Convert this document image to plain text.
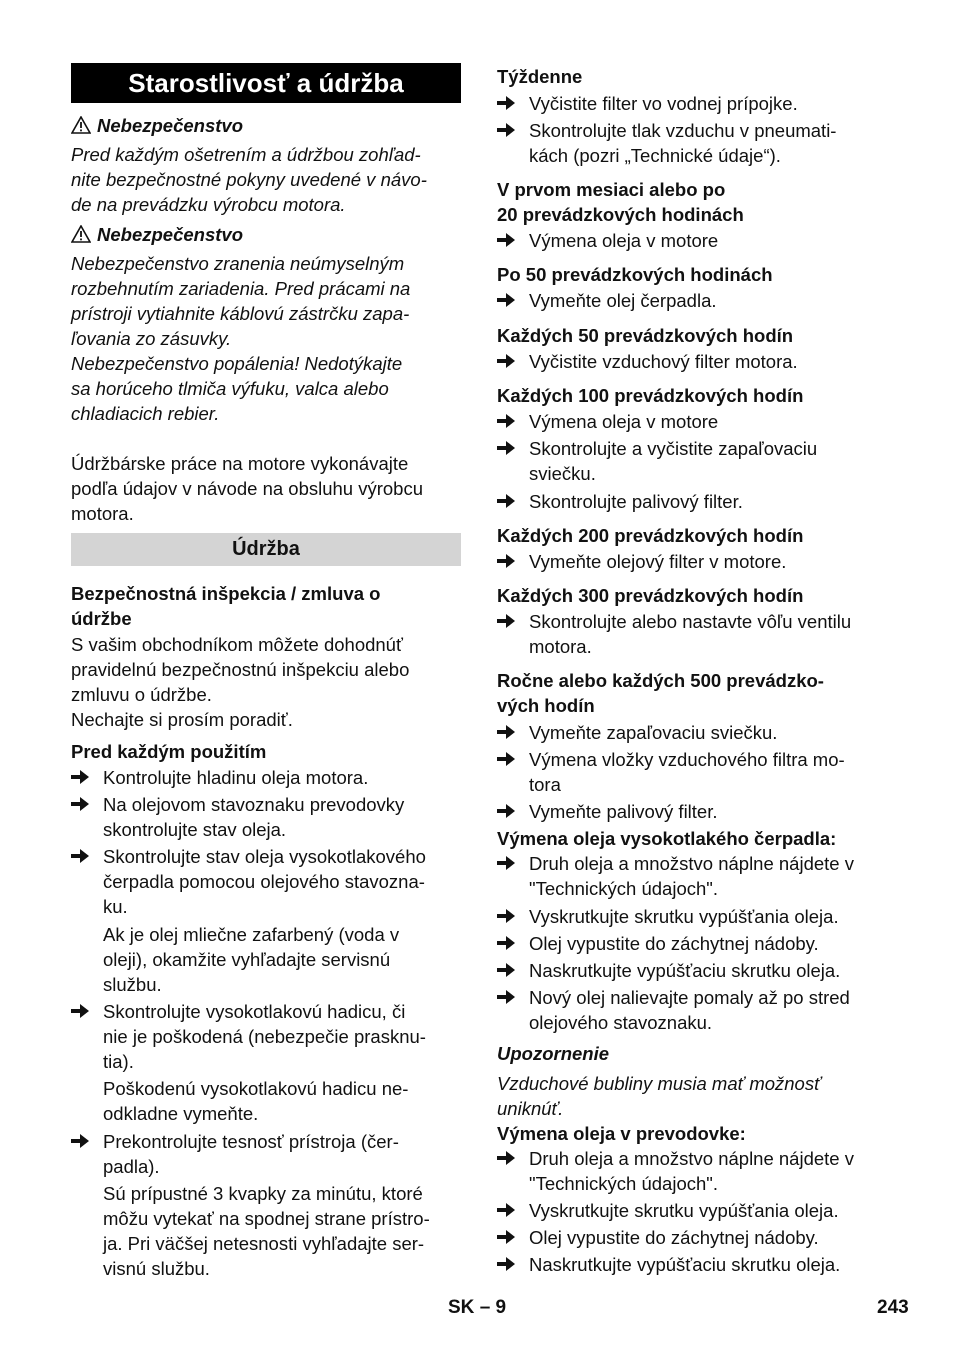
Starostlivosť a údržba
Nebezpečenstvo
Pred každým ošetrením a údržbou zohľad-
nite bezpečnostné pokyny uvedené v návo-
de na prevádzku výrobcu motora.
Nebezpečenstvo
Nebezpečenstvo zranenia neúmyselným
rozbehnutím zariadenia. Pred prácami na
prístroji vytiahnite káblovú zástrčku zapa-
ľovania zo zásuvky.
Nebezpečenstvo popálenia! Nedotýkajte
sa horúceho tlmiča výfuku, valca alebo
chladiacich rebier.
Údržbárske práce na motore vykonávajte
podľa údajov v návode na obsluhu výrobcu
motora.
Bezpečnostná inšpekcia / zmluva o
údržbe
S vašim obchodníkom môžete dohodnúť
pravidelnú bezpečnostnú inšpekciu alebo
zmluvu o údržbe.
Nechajte si prosím poradiť.
Pred každým použitím
Kontrolujte hladinu oleja motora.
Na olejovom stavoznaku prevodovky
skontrolujte stav oleja.
Skontrolujte stav oleja vysokotlakového
čerpadla pomocou olejového stavozna-
ku.
Ak je olej mliečne zafarbený (voda v
oleji), okamžite vyhľadajte servisnú
službu.
Skontrolujte vysokotlakovú hadicu, či
nie je poškodená (nebezpečie prasknu-
tia).
Poškodenú vysokotlakovú hadicu ne-
odkladne vymeňte.
Prekontrolujte tesnosť prístroja (čer-
padla).
Sú prípustné 3 kvapky za minútu, ktoré
môžu vytekať na spodnej strane prístro-
ja. Pri väčšej netesnosti vyhľadajte ser-
visnú službu.
Údržba
Týždenne
Vyčistite filter vo vodnej prípojke.
Skontrolujte tlak vzduchu v pneumati-
kách (pozri „Technické údaje“).
V prvom mesiaci alebo po
20 prevádzkových hodinách
Výmena oleja v motore
Po 50 prevádzkových hodinách
Vymeňte olej čerpadla.
Každých 50 prevádzkových hodín
Vyčistite vzduchový filter motora.
Každých 100 prevádzkových hodín
Výmena oleja v motore
Skontrolujte a vyčistite zapaľovaciu
sviečku.
Skontrolujte palivový filter.
Každých 200 prevádzkových hodín
Vymeňte olejový filter v motore.
Každých 300 prevádzkových hodín
Skontrolujte alebo nastavte vôľu ventilu
motora.
Ročne alebo každých 500 prevádzko-
vých hodín
Vymeňte zapaľovaciu sviečku.
Výmena vložky vzduchového filtra mo-
tora
Vymeňte palivový filter.
Výmena oleja vysokotlakého čerpadla:
Druh oleja a množstvo náplne nájdete v
"Technických údajoch".
Vyskrutkujte skrutku vypúšťania oleja.
Olej vypustite do záchytnej nádoby.
Naskrutkujte vypúšťaciu skrutku oleja.
Nový olej nalievajte pomaly až po stred
olejového stavoznaku.
Upozornenie
Vzduchové bubliny musia mať možnosť
uniknúť.
Výmena oleja v prevodovke:
Druh oleja a množstvo náplne nájdete v
"Technických údajoch".
Vyskrutkujte skrutku vypúšťania oleja.
Olej vypustite do záchytnej nádoby.
Naskrutkujte vypúšťaciu skrutku oleja.
SK – 9	243
